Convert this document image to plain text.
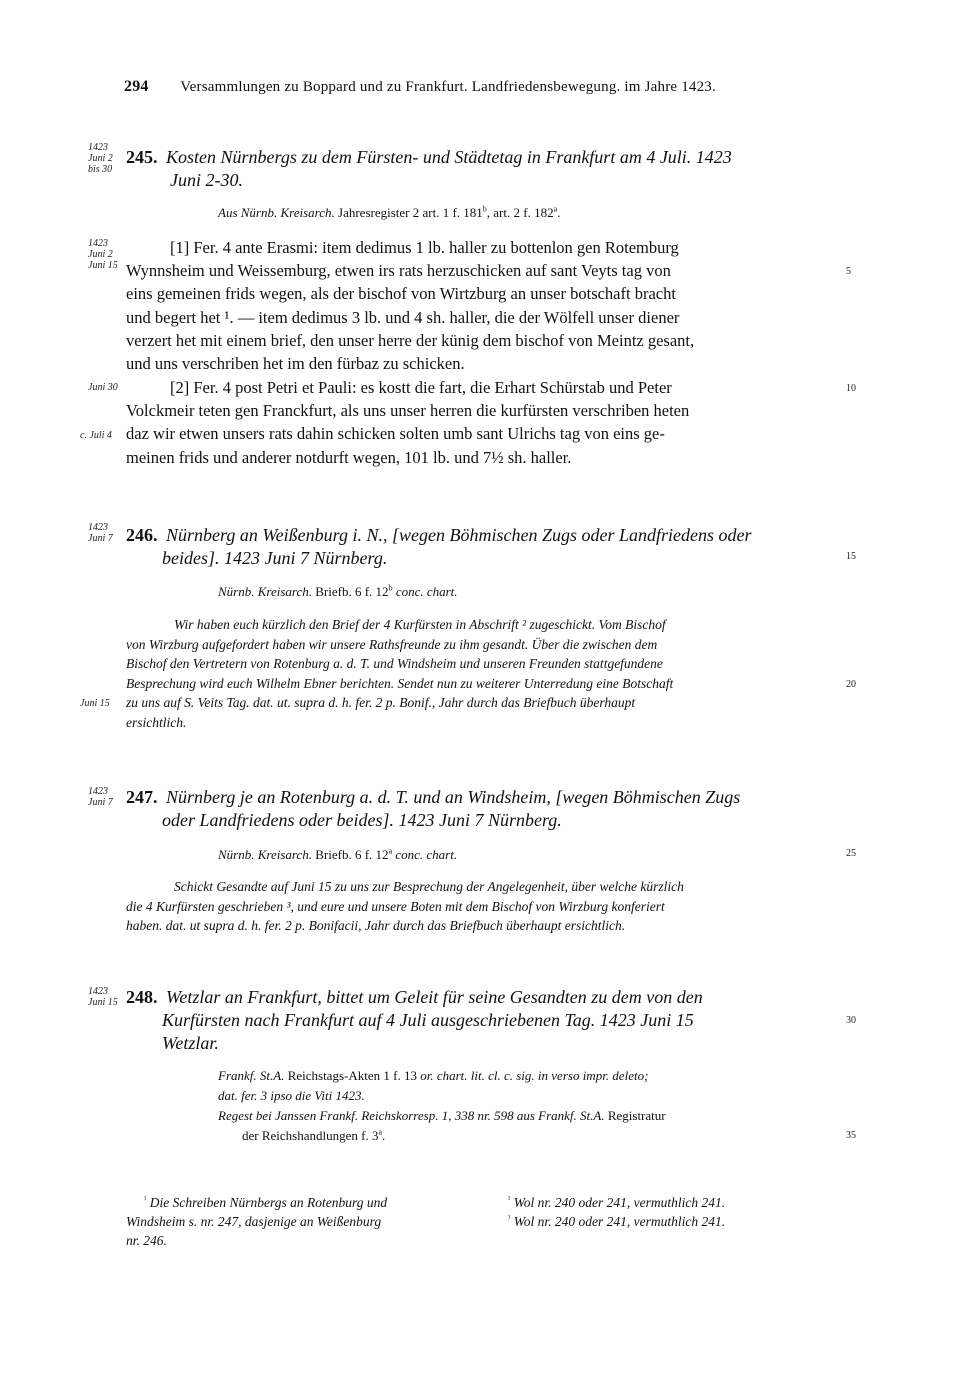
294 Versammlungen zu Boppard und zu Frankfurt. Landfriedensbewegung. im Jahre 1423.
1423
Juni 2
bis 30
245. Kosten Nürnbergs zu dem Fürsten- und Städtetag in Frankfurt am 4 Juli. 1423
Juni 2-30.
Aus Nürnb. Kreisarch. Jahresregister 2 art. 1 f. 181$^b$, art. 2 f. 182$^a$.
1423
Juni 2
Juni 15
[1] Fer. 4 ante Erasmi: item dedimus 1 lb. haller zu bottenlon gen Rotemburg
Wynnsheim und Weissemburg, etwen irs rats herzuschicken auf sant Veyts tag von
eins gemeinen frids wegen, als der bischof von Wirtzburg an unser botschaft bracht
und begert het ¹. — item dedimus 3 lb. und 4 sh. haller, die der Wölfell unser diener
verzert het mit einem brief, den unser herre der künig dem bischof von Meintz gesant,
und uns verschriben het im den fürbaz zu schicken.
Juni 30
c. Juli 4
[2] Fer. 4 post Petri et Pauli: es kostt die fart, die Erhart Schürstab und Peter
Volckmeir teten gen Franckfurt, als uns unser herren die kurfürsten verschriben heten
daz wir etwen unsers rats dahin schicken solten umb sant Ulrichs tag von eins ge-
meinen frids und anderer notdurft wegen, 101 lb. und 7½ sh. haller.
1423
Juni 7 246. Nürnberg an Weißenburg i. N., [wegen Böhmischen Zugs oder Landfriedens oder
beides]. 1423 Juni 7 Nürnberg.
Nürnb. Kreisarch. Briefb. 6 f. 12$^b$ conc. chart.
Juni 15
Wir haben euch kürzlich den Brief der 4 Kurfürsten in Abschrift ² zugeschickt. Vom Bischof
von Wirzburg aufgefordert haben wir unsere Rathsfreunde zu ihm gesandt. Über die zwischen dem
Bischof den Vertretern von Rotenburg a. d. T. und Windsheim und unseren Freunden stattgefundene
Besprechung wird euch Wilhelm Ebner berichten. Sendet nun zu weiterer Unterredung eine Botschaft
zu uns auf S. Veits Tag. dat. ut. supra d. h. fer. 2 p. Bonif., Jahr durch das Briefbuch überhaupt
ersichtlich.
1423
Juni 7 247. Nürnberg je an Rotenburg a. d. T. und an Windsheim, [wegen Böhmischen Zugs
oder Landfriedens oder beides]. 1423 Juni 7 Nürnberg.
Nürnb. Kreisarch. Briefb. 6 f. 12$^a$ conc. chart.
Schickt Gesandte auf Juni 15 zu uns zur Besprechung der Angelegenheit, über welche kürzlich
die 4 Kurfürsten geschrieben ³, und eure und unsere Boten mit dem Bischof von Wirzburg konferiert
haben. dat. ut supra d. h. fer. 2 p. Bonifacii, Jahr durch das Briefbuch überhaupt ersichtlich.
1423
Juni 15 248. Wetzlar an Frankfurt, bittet um Geleit für seine Gesandten zu dem von den
Kurfürsten nach Frankfurt auf 4 Juli ausgeschriebenen Tag. 1423 Juni 15
Wetzlar.
Frankf. St.A. Reichstags-Akten 1 f. 13 or. chart. lit. cl. c. sig. in verso impr. deleto;
dat. fer. 3 ipso die Viti 1423.
Regest bei Janssen Frankf. Reichskorresp. 1, 338 nr. 598 aus Frankf. St.A. Registratur
der Reichshandlungen f. 3$^a$.
5
10
15
20
25
30
35
$^{^1}$ Die Schreiben Nürnbergs an Rotenburg und
Windsheim s. nr. 247, dasjenige an Weißenburg
nr. 246.
$^{^2}$ Wol nr. 240 oder 241, vermuthlich 241.
$^{^3}$ Wol nr. 240 oder 241, vermuthlich 241.
